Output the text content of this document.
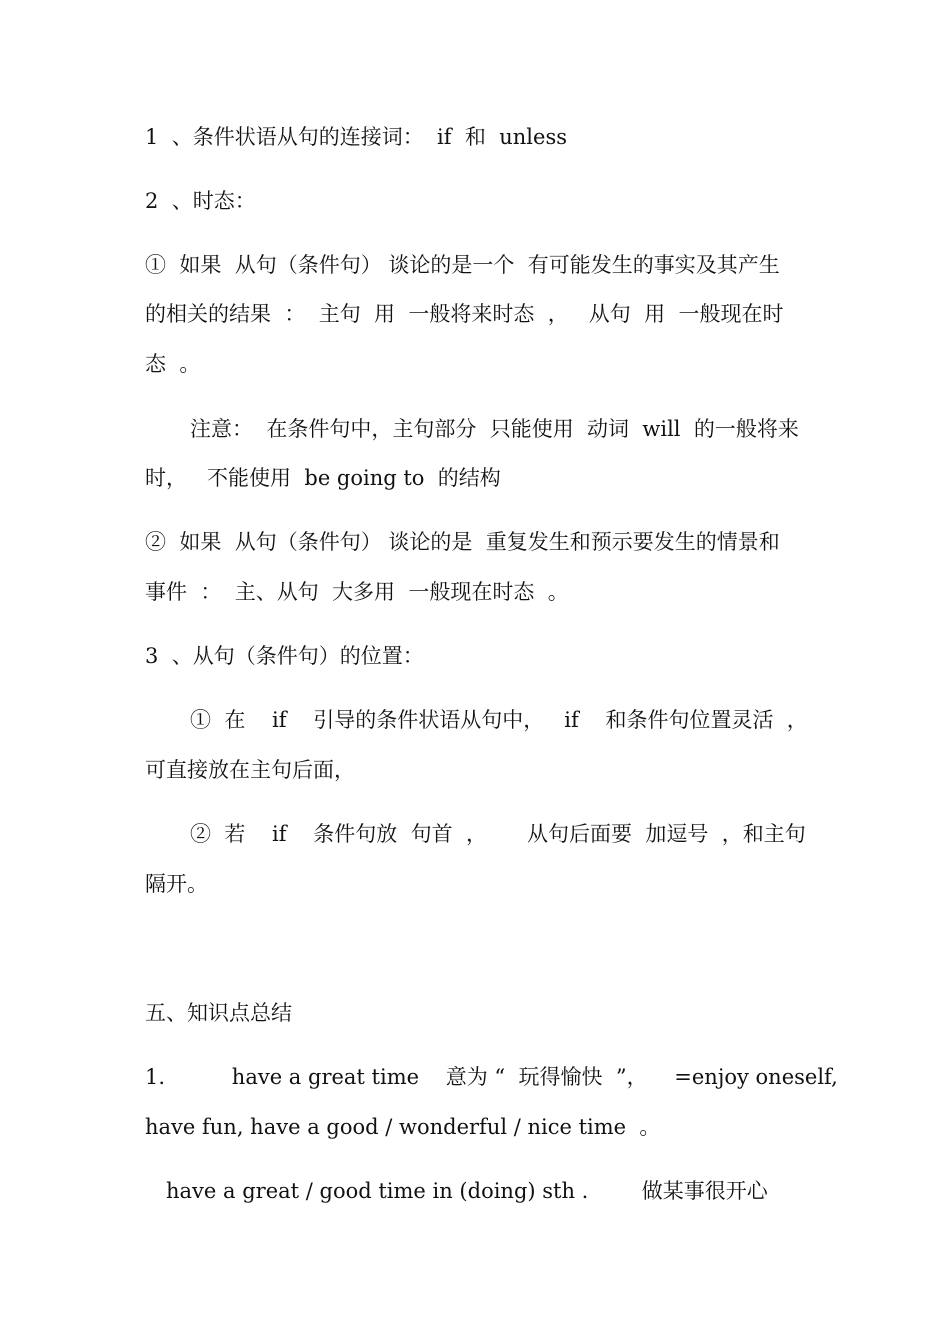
1  、条件状语从句的连接词：  if  和  unless
2  、时态：
①  如果  从句（条件句） 谈论的是一个  有可能发生的事实及其产生
的相关的结果  ：  主句  用  一般将来时态  ，   从句  用  一般现在时
态  。
注意：  在条件句中，主句部分  只能使用  动词  will  的一般将来
时，   不能使用  be going to  的结构
②  如果  从句（条件句） 谈论的是  重复发生和预示要发生的情景和
事件  ：  主、从句  大多用  一般现在时态  。
3  、从句（条件句）的位置：
①  在    if    引导的条件状语从句中，   if    和条件句位置灵活  ，
可直接放在主句后面，
②  若    if    条件句放  句首  ，      从句后面要  加逗号  ，和主句
隔开。
五、知识点总结
1.          have a great time    意为 “  玩得愉快  ”，    =enjoy oneself,
have fun, have a good / wonderful / nice time  。
have a great / good time in (doing) sth .        做某事很开心
